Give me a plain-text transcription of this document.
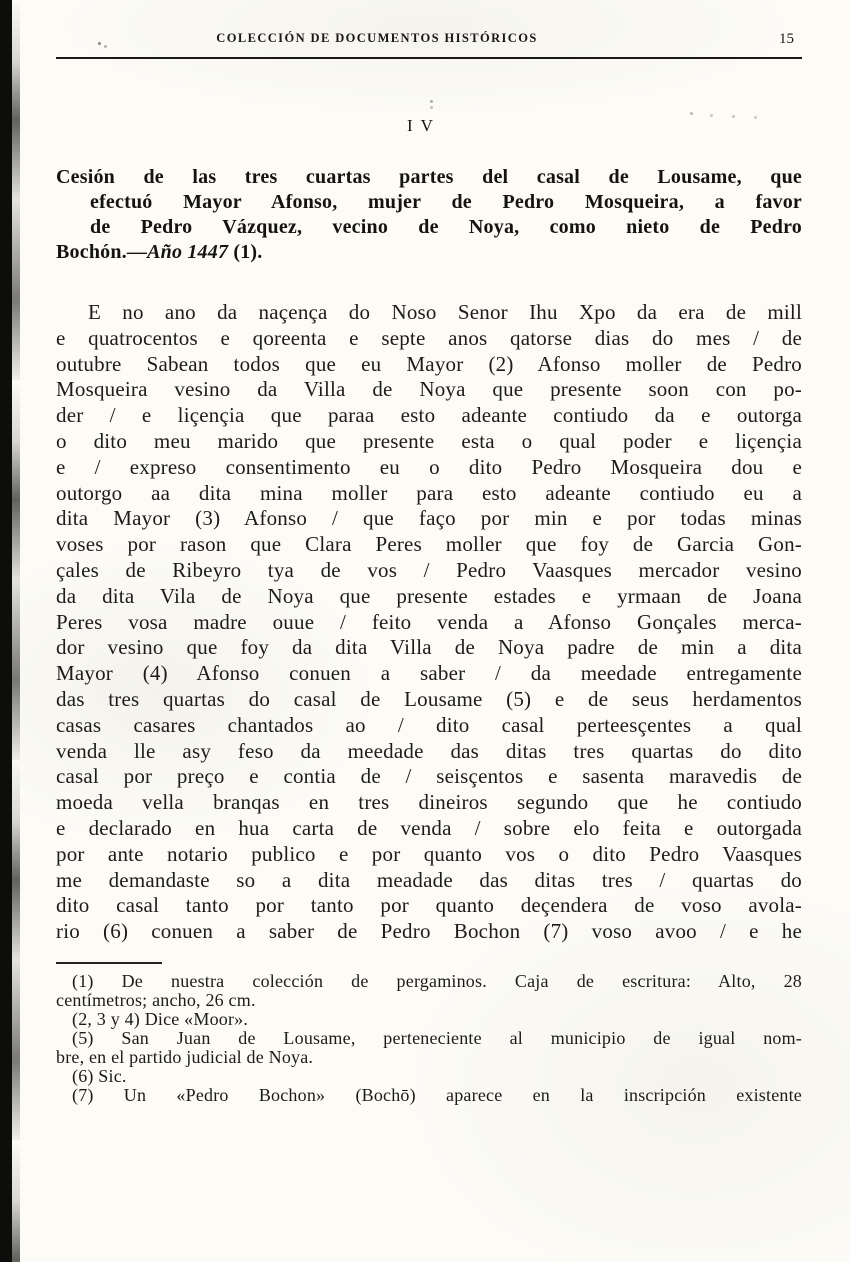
COLECCIÓN DE DOCUMENTOS HISTÓRICOS	15
IV
Cesión de las tres cuartas partes del casal de Lousame, que
efectuó Mayor Afonso, mujer de Pedro Mosqueira, a favor
de Pedro Vázquez, vecino de Noya, como nieto de Pedro
Bochón.—Año 1447 (1).
E no ano da naçença do Noso Senor Ihu Xpo da era de mill
e quatrocentos e qoreenta e septe anos qatorse dias do mes / de
outubre Sabean todos que eu Mayor (2) Afonso moller de Pedro
Mosqueira vesino da Villa de Noya que presente soon con po-
der / e liçençia que paraa esto adeante contiudo da e outorga
o dito meu marido que presente esta o qual poder e liçençia
e / expreso consentimento eu o dito Pedro Mosqueira dou e
outorgo aa dita mina moller para esto adeante contiudo eu a
dita Mayor (3) Afonso / que faço por min e por todas minas
voses por rason que Clara Peres moller que foy de Garcia Gon-
çales de Ribeyro tya de vos / Pedro Vaasques mercador vesino
da dita Vila de Noya que presente estades e yrmaan de Joana
Peres vosa madre ouue / feito venda a Afonso Gonçales merca-
dor vesino que foy da dita Villa de Noya padre de min a dita
Mayor (4) Afonso conuen a saber / da meedade entregamente
das tres quartas do casal de Lousame (5) e de seus herdamentos
casas casares chantados ao / dito casal perteesçentes a qual
venda lle asy feso da meedade das ditas tres quartas do dito
casal por preço e contia de / seisçentos e sasenta maravedis de
moeda vella branqas en tres dineiros segundo que he contiudo
e declarado en hua carta de venda / sobre elo feita e outorgada
por ante notario publico e por quanto vos o dito Pedro Vaasques
me demandaste so a dita meadade das ditas tres / quartas do
dito casal tanto por tanto por quanto deçendera de voso avola-
rio (6) conuen a saber de Pedro Bochon (7) voso avoo / e he
(1) De nuestra colección de pergaminos. Caja de escritura: Alto, 28
centímetros; ancho, 26 cm.
(2, 3 y 4) Dice «Moor».
(5) San Juan de Lousame, perteneciente al municipio de igual nom-
bre, en el partido judicial de Noya.
(6) Sic.
(7) Un «Pedro Bochon» (Bochō) aparece en la inscripción existente
